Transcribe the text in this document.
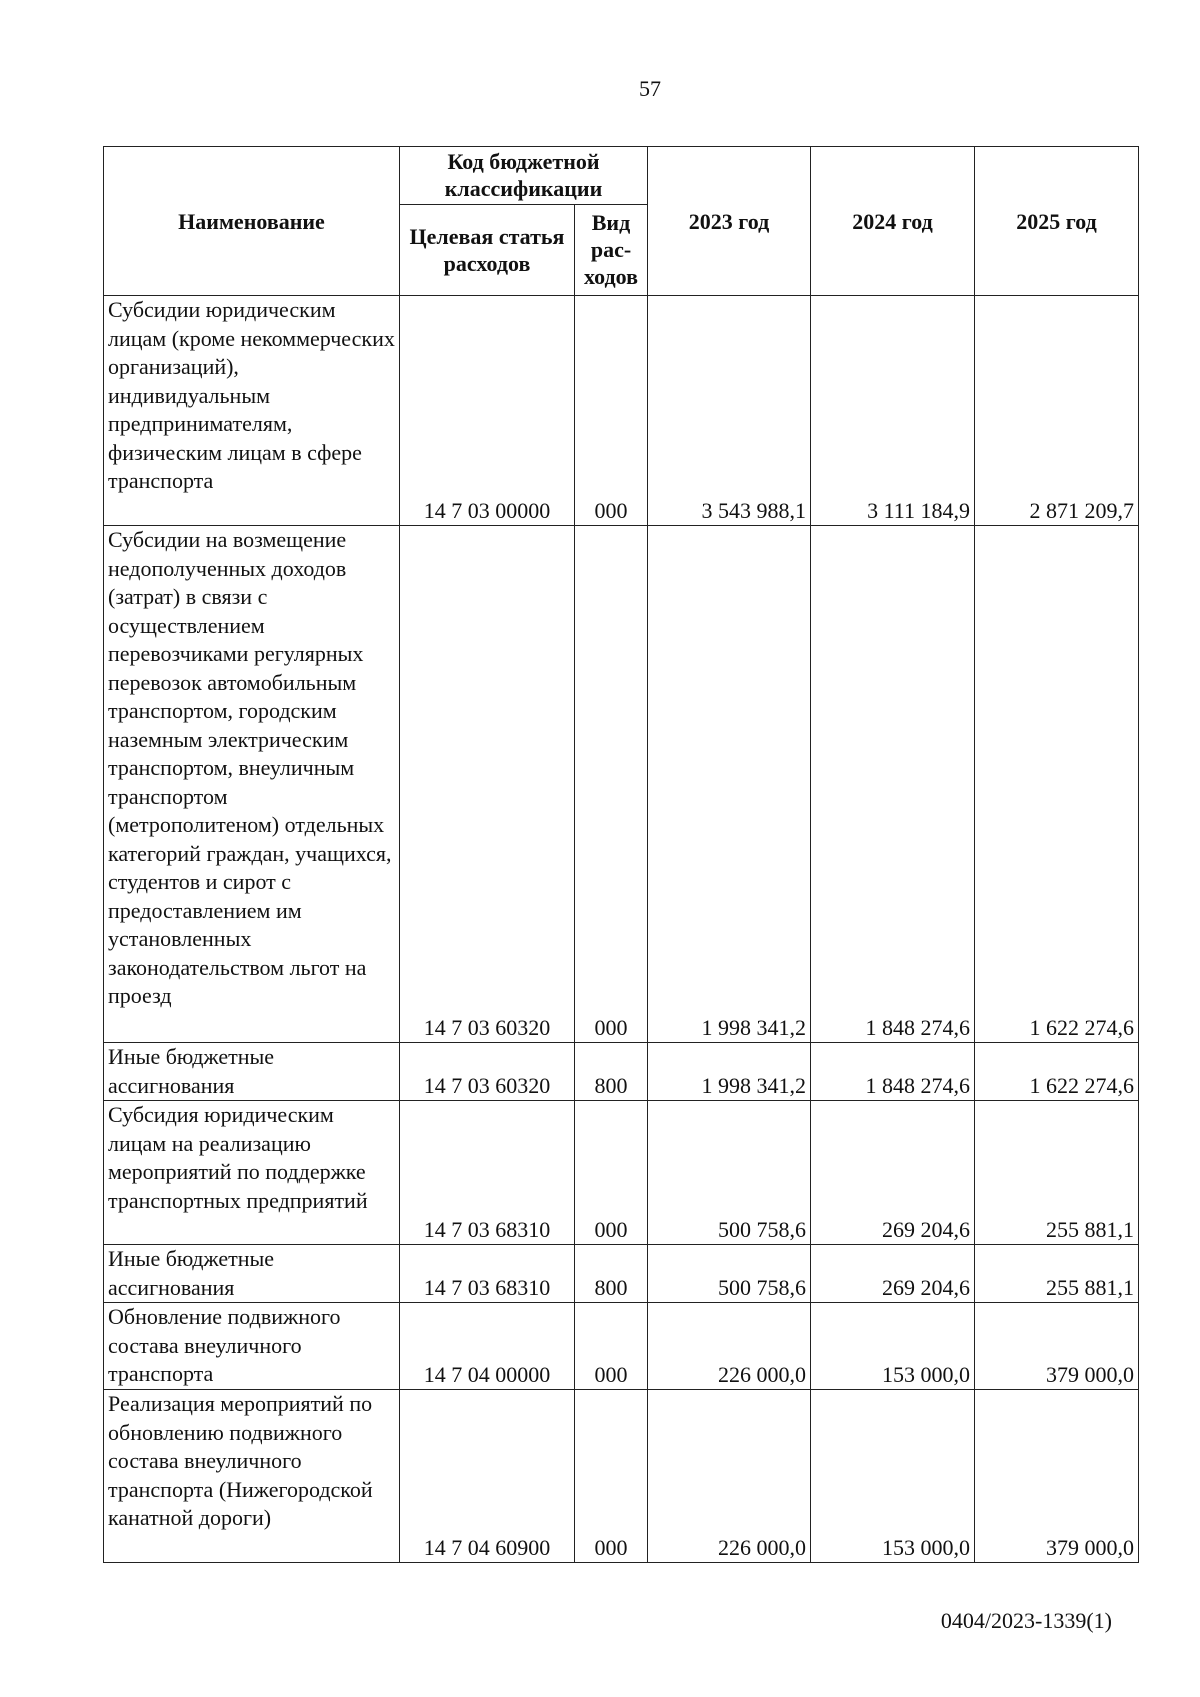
57
Наименование	Код бюджетной классификации		2023 год	2024 год	2025 год
	Целевая статья расходов	Вид рас-ходов			
Субсидии юридическим лицам (кроме некоммерческих организаций), индивидуальным предпринимателям, физическим лицам в сфере транспорта	14 7 03 00000	000	3 543 988,1	3 111 184,9	2 871 209,7
Субсидии на возмещение недополученных доходов (затрат) в связи с осуществлением перевозчиками регулярных перевозок автомобильным транспортом, городским наземным электрическим транспортом, внеуличным транспортом (метрополитеном) отдельных категорий граждан, учащихся, студентов и сирот с предоставлением им установленных законодательством льгот на проезд	14 7 03 60320	000	1 998 341,2	1 848 274,6	1 622 274,6
Иные бюджетные ассигнования	14 7 03 60320	800	1 998 341,2	1 848 274,6	1 622 274,6
Субсидия юридическим лицам на реализацию мероприятий по поддержке транспортных предприятий	14 7 03 68310	000	500 758,6	269 204,6	255 881,1
Иные бюджетные ассигнования	14 7 03 68310	800	500 758,6	269 204,6	255 881,1
Обновление подвижного состава внеуличного транспорта	14 7 04 00000	000	226 000,0	153 000,0	379 000,0
Реализация мероприятий по обновлению подвижного состава внеуличного транспорта (Нижегородской канатной дороги)	14 7 04 60900	000	226 000,0	153 000,0	379 000,0
0404/2023-1339(1)
